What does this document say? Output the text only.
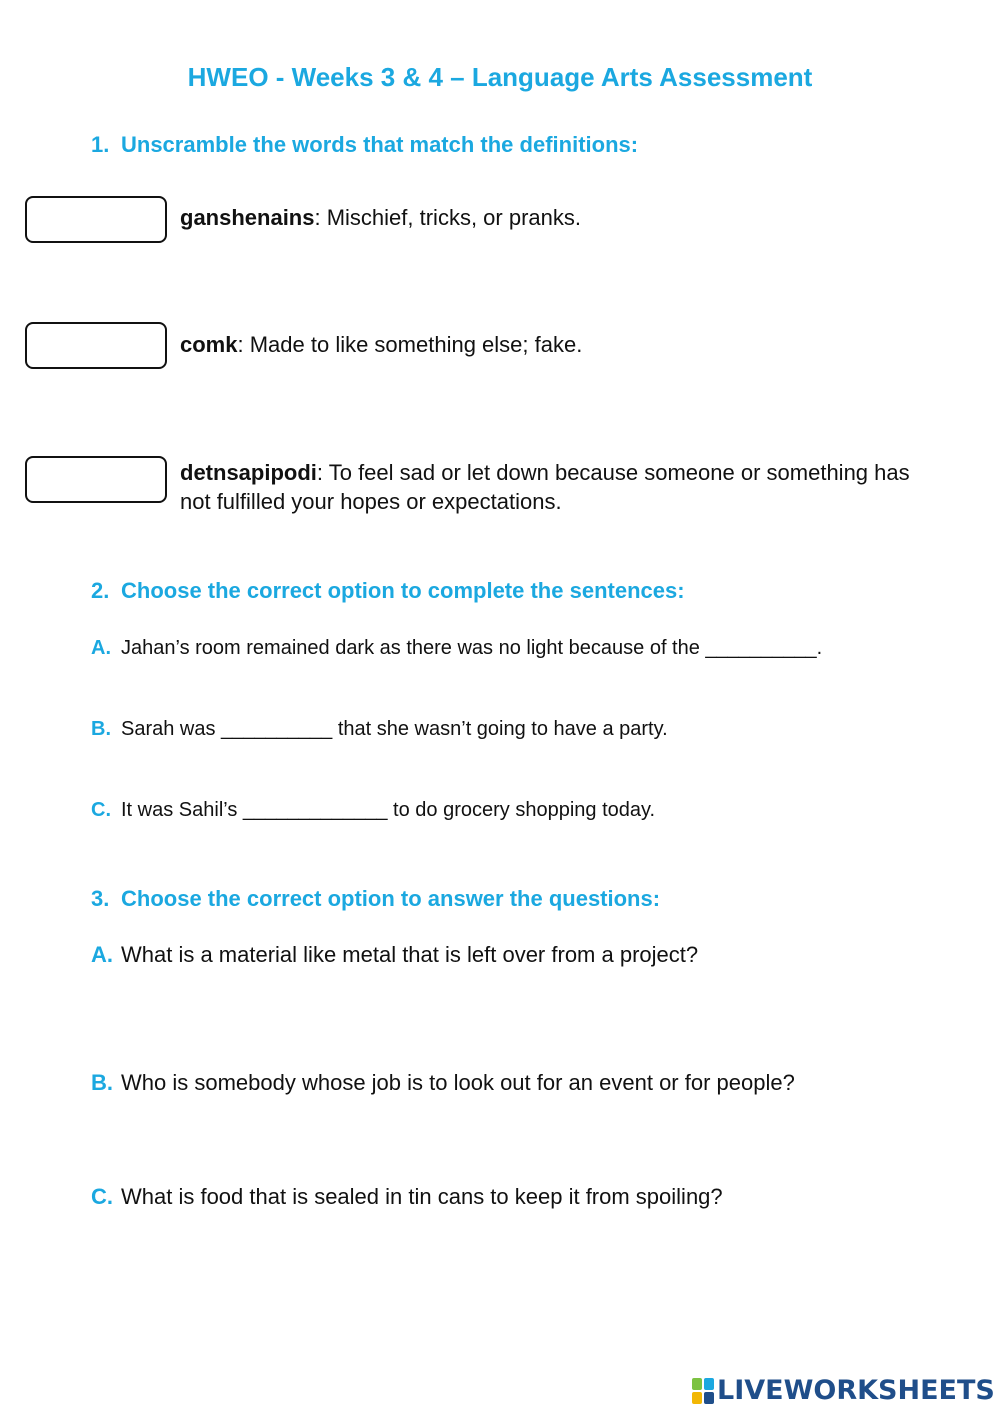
HWEO - Weeks 3 & 4 – Language Arts Assessment
1. Unscramble the words that match the definitions:
ganshenains: Mischief, tricks, or pranks.
comk: Made to like something else; fake.
detnsapipodi: To feel sad or let down because someone or something has not fulfilled your hopes or expectations.
2. Choose the correct option to complete the sentences:
A. Jahan’s room remained dark as there was no light because of the __________.
B. Sarah was __________ that she wasn’t going to have a party.
C. It was Sahil’s _____________ to do grocery shopping today.
3. Choose the correct option to answer the questions:
A. What is a material like metal that is left over from a project?
B. Who is somebody whose job is to look out for an event or for people?
C. What is food that is sealed in tin cans to keep it from spoiling?
LIVEWORKSHEETS
